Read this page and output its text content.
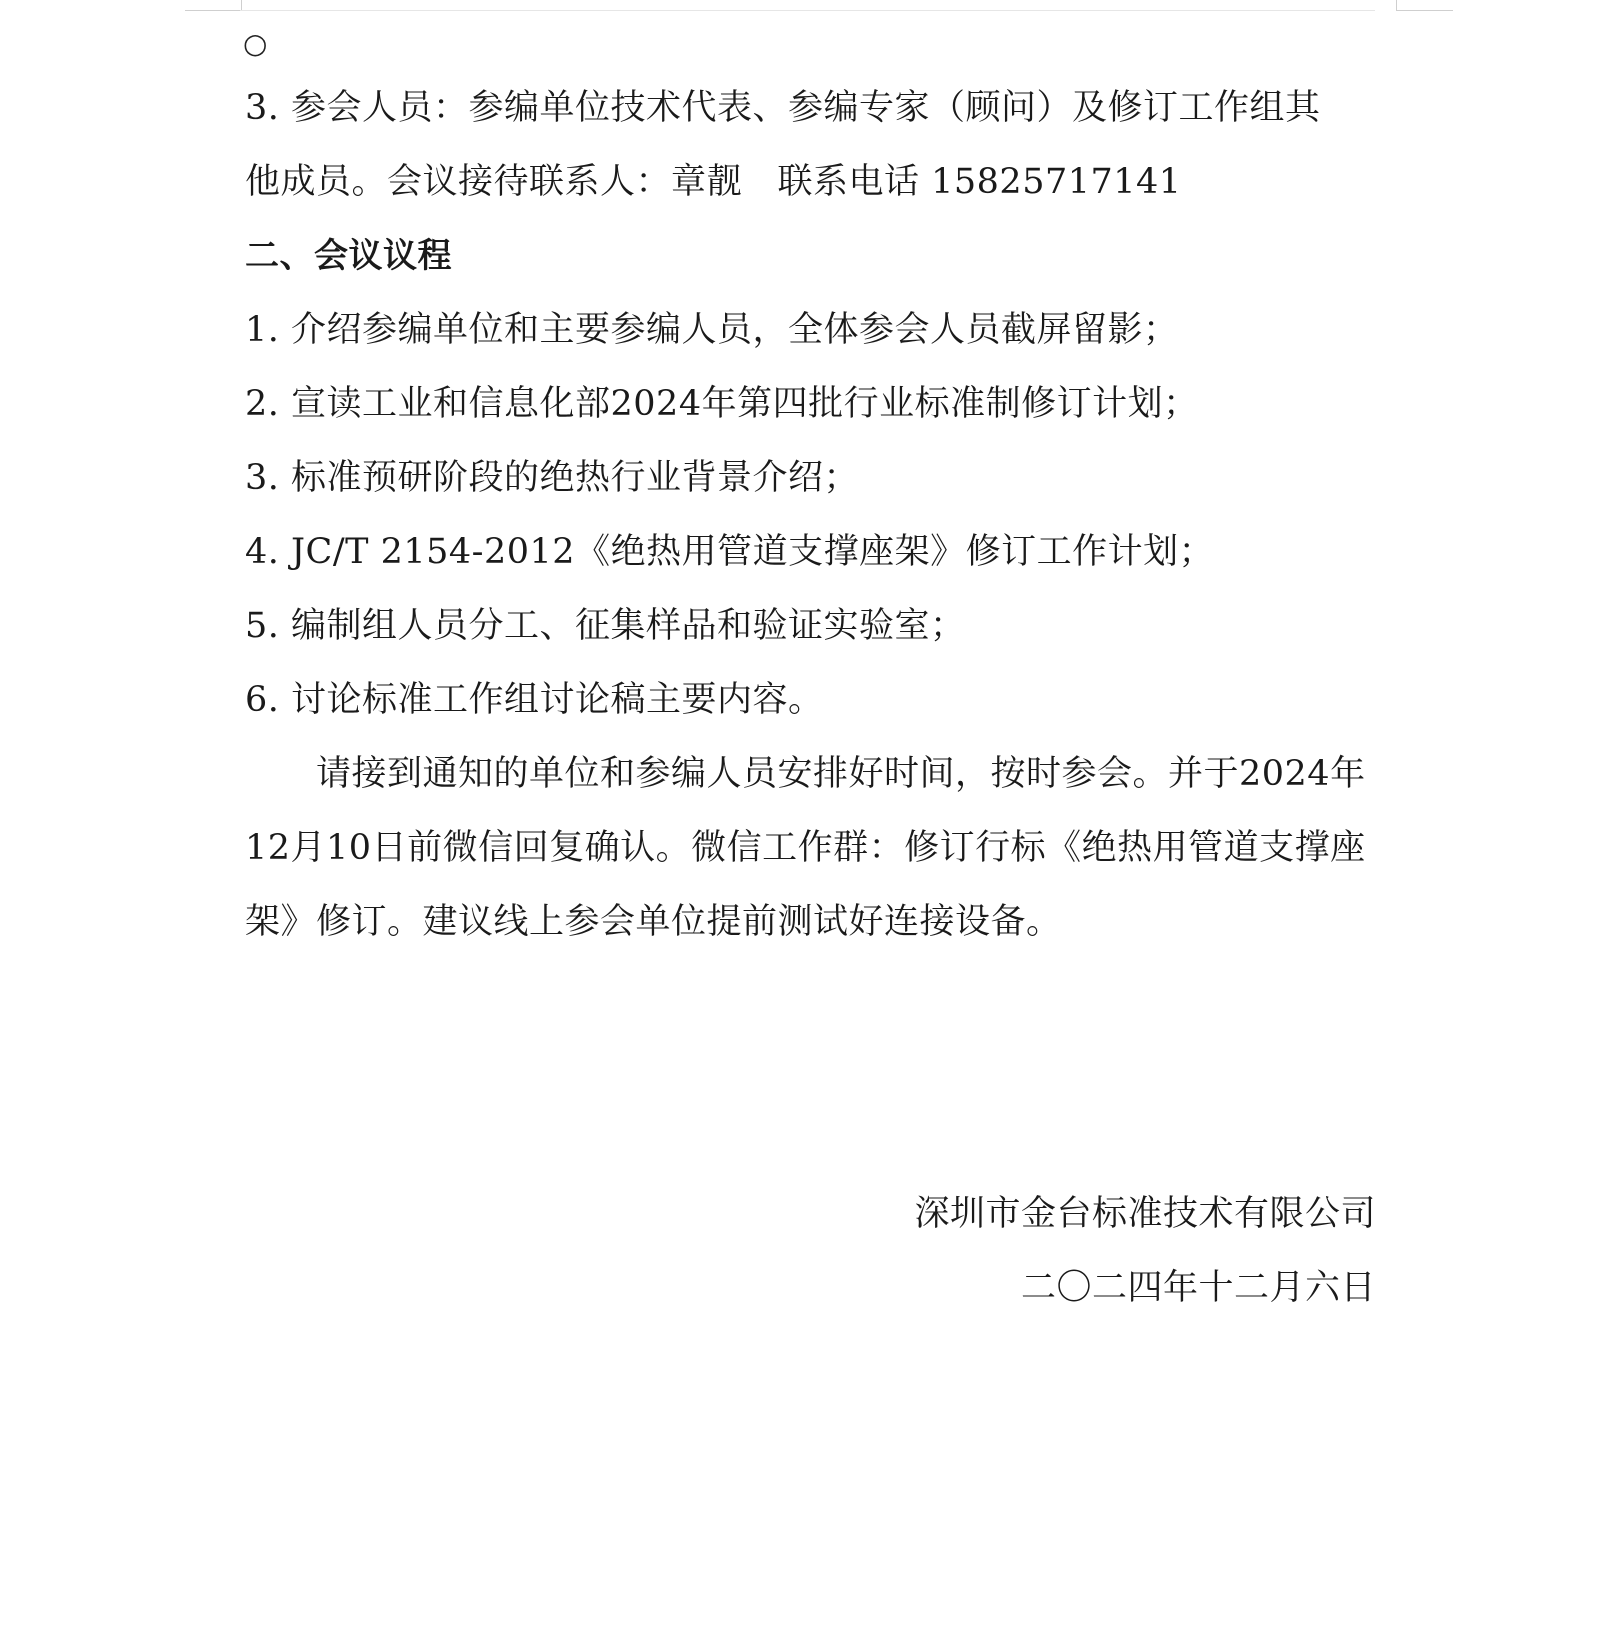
○
3. 参会人员：参编单位技术代表、参编专家（顾问）及修订工作组其
他成员。会议接待联系人：章靓　联系电话 15825717141
二、会议议程
1. 介绍参编单位和主要参编人员，全体参会人员截屏留影；
2. 宣读工业和信息化部2024年第四批行业标准制修订计划；
3. 标准预研阶段的绝热行业背景介绍；
4. JC/T 2154-2012《绝热用管道支撑座架》修订工作计划；
5. 编制组人员分工、征集样品和验证实验室；
6. 讨论标准工作组讨论稿主要内容。
　　请接到通知的单位和参编人员安排好时间，按时参会。并于2024年
12月10日前微信回复确认。微信工作群：修订行标《绝热用管道支撑座
架》修订。建议线上参会单位提前测试好连接设备。
深圳市金台标准技术有限公司
二〇二四年十二月六日
